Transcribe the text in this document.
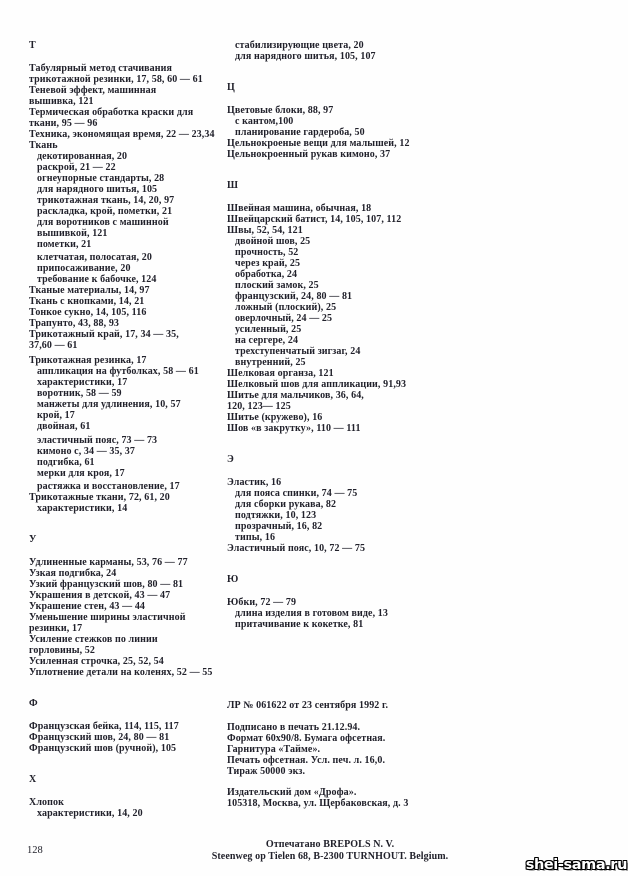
Т
Табулярный метод стачивания
трикотажной резинки, 17, 58, 60 — 61
Теневой эффект, машинная
вышивка, 121
Термическая обработка краски для
ткани, 95 — 96
Техника, экономящая время, 22 — 23,34
Ткань
декотированная, 20
раскрой, 21 — 22
огнеупорные стандарты, 28
для нарядного шитья, 105
трикотажная ткань, 14, 20, 97
раскладка, крой, пометки, 21
для воротников с машинной
вышивкой, 121
пометки, 21
клетчатая, полосатая, 20
припосаживание, 20
требование к бабочке, 124
Тканые материалы, 14, 97
Ткань с кнопками, 14, 21
Тонкое сукно, 14, 105, 116
Трапунто, 43, 88, 93
Трикотажный край, 17, 34 — 35,
37,60 — 61
Трикотажная резинка, 17
аппликация на футболках, 58 — 61
характеристики, 17
воротник, 58 — 59
манжеты для удлинения, 10, 57
крой, 17
двойная, 61
эластичный пояс, 73 — 73
кимоно с, 34 — 35, 37
подгибка, 61
мерки для кроя, 17
растяжка и восстановление, 17
Трикотажные ткани, 72, 61, 20
характеристики, 14
У
Удлиненные карманы, 53, 76 — 77
Узкая подгибка, 24
Узкий французский шов, 80 — 81
Украшения в детской, 43 — 47
Украшение стен, 43 — 44
Уменьшение ширины эластичной
резинки, 17
Усиление стежков по линии
горловины, 52
Усиленная строчка, 25, 52, 54
Уплотнение детали на коленях, 52 — 55
Ф
Французская бейка, 114, 115, 117
Французский шов, 24, 80 — 81
Французский шов (ручной), 105
Х
Хлопок
характеристики, 14, 20
стабилизирующие цвета, 20
для нарядного шитья, 105, 107
Ц
Цветовые блоки, 88, 97
с кантом,100
планирование гардероба, 50
Цельнокроеные вещи для малышей, 12
Цельнокроенный рукав кимоно, 37
Ш
Швейная машина, обычная, 18
Швейцарский батист, 14, 105, 107, 112
Швы, 52, 54, 121
двойной шов, 25
прочность, 52
через край, 25
обработка, 24
плоский замок, 25
французский, 24, 80 — 81
ложный (плоский), 25
оверлочный, 24 — 25
усиленный, 25
на сергере, 24
трехступенчатый зигзаг, 24
внутренний, 25
Шелковая органза, 121
Шелковый шов для аппликации, 91,93
Шитье для мальчиков, 36, 64,
120, 123— 125
Шитье (кружево), 16
Шов «в закрутку», 110 — 111
Э
Эластик, 16
для пояса спинки, 74 — 75
для сборки рукава, 82
подтяжки, 10, 123
прозрачный, 16, 82
типы, 16
Эластичный пояс, 10, 72 — 75
Ю
Юбки, 72 — 79
длина изделия в готовом виде, 13
притачивание к кокетке, 81
ЛР № 061622 от 23 сентября 1992 г.
Подписано в печать 21.12.94.
Формат 60x90/8. Бумага офсетная.
Гарнитура «Тайме».
Печать офсетная. Усл. печ. л. 16,0.
Тираж 50000 экз.
Издательский дом «Дрофа».
105318, Москва, ул. Щербаковская, д. 3
Отпечатано BREPOLS N. V.
Steenweg op Tielen 68, B-2300 TURNHOUT. Belgium.
128
shei-sama.ru
